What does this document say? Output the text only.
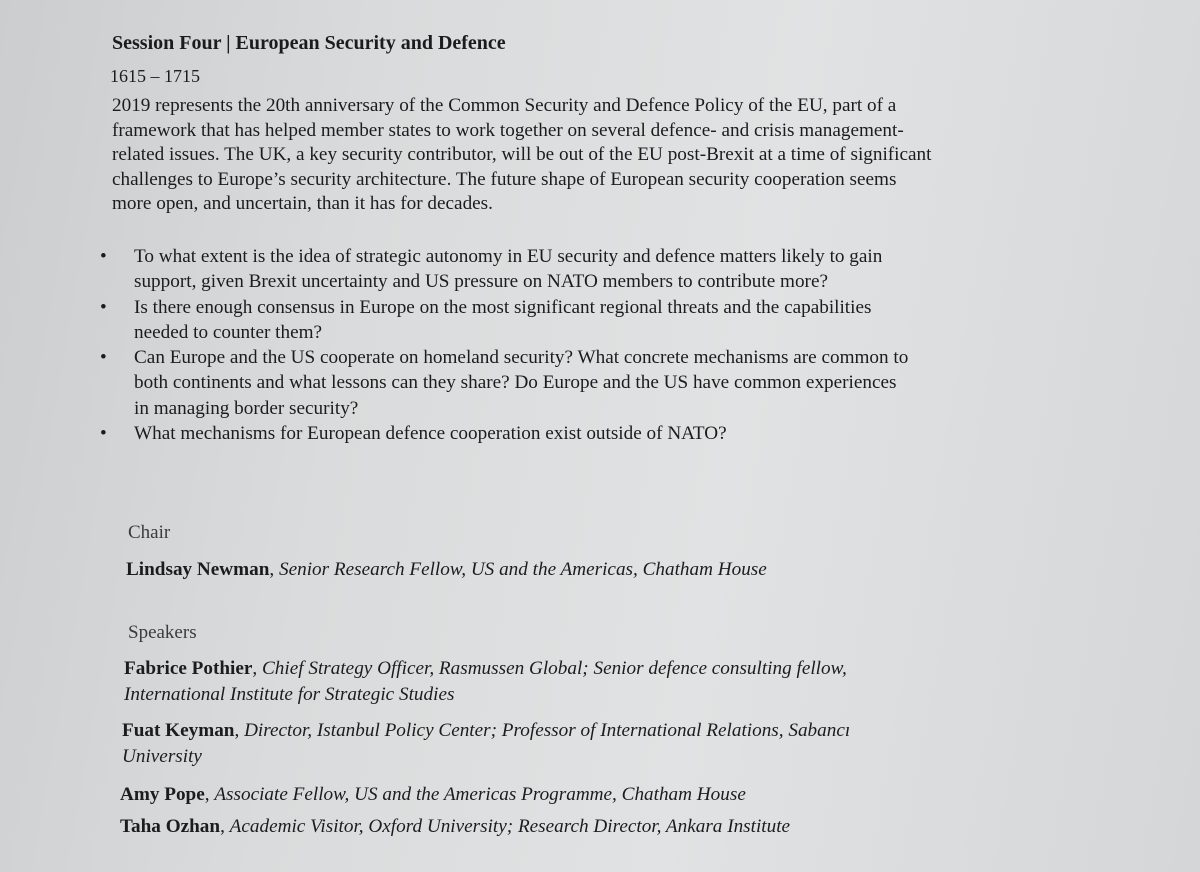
Session Four | European Security and Defence
1615 – 1715
2019 represents the 20th anniversary of the Common Security and Defence Policy of the EU, part of a
framework that has helped member states to work together on several defence- and crisis management-
related issues. The UK, a key security contributor, will be out of the EU post-Brexit at a time of significant
challenges to Europe’s security architecture. The future shape of European security cooperation seems
more open, and uncertain, than it has for decades.
• To what extent is the idea of strategic autonomy in EU security and defence matters likely to gain
support, given Brexit uncertainty and US pressure on NATO members to contribute more?
• Is there enough consensus in Europe on the most significant regional threats and the capabilities
needed to counter them?
• Can Europe and the US cooperate on homeland security? What concrete mechanisms are common to
both continents and what lessons can they share? Do Europe and the US have common experiences
in managing border security?
• What mechanisms for European defence cooperation exist outside of NATO?
Chair
Lindsay Newman, Senior Research Fellow, US and the Americas, Chatham House
Speakers
Fabrice Pothier, Chief Strategy Officer, Rasmussen Global; Senior defence consulting fellow,
International Institute for Strategic Studies
Fuat Keyman, Director, Istanbul Policy Center; Professor of International Relations, Sabancı
University
Amy Pope, Associate Fellow, US and the Americas Programme, Chatham House
Taha Ozhan, Academic Visitor, Oxford University; Research Director, Ankara Institute
